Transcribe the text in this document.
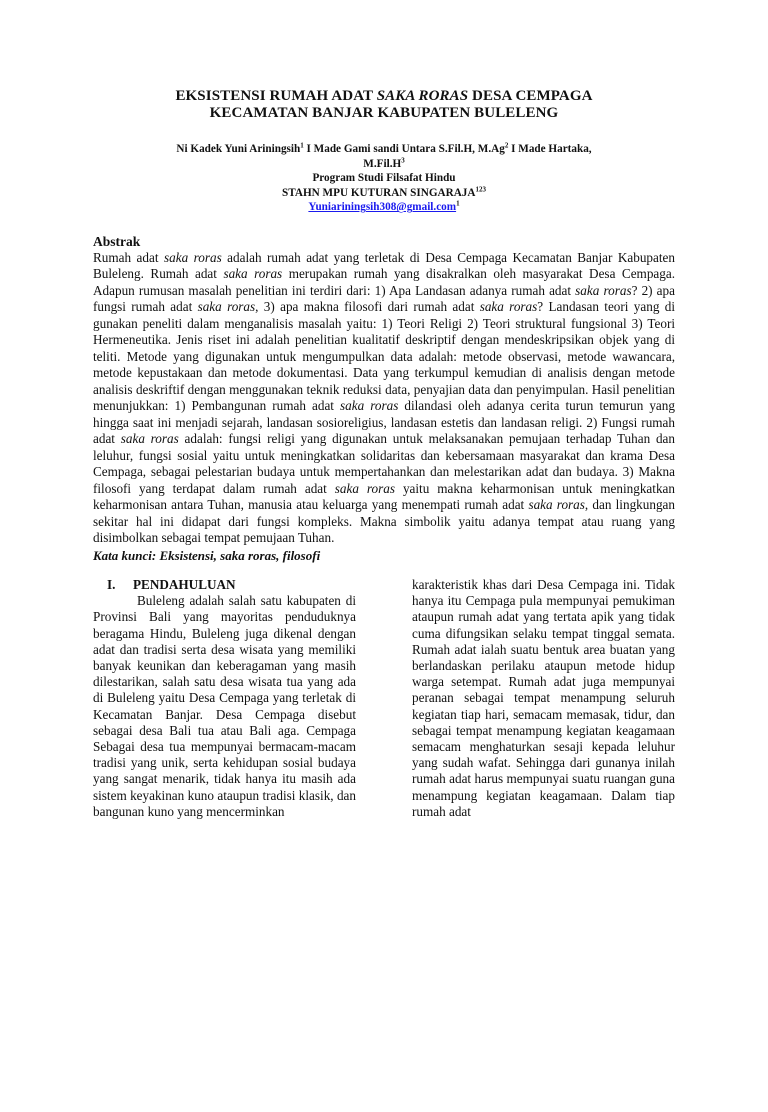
EKSISTENSI RUMAH ADAT SAKA RORAS DESA CEMPAGA
KECAMATAN BANJAR KABUPATEN BULELENG
Ni Kadek Yuni Ariningsih$^1$ I Made Gami sandi Untara S.Fil.H, M.Ag$^2$ I Made Hartaka,
$M.Fil.H^3$
Program Studi Filsafat Hindu
STAHN MPU KUTURAN SINGARAJA$^{123}$
Yuniariningsih308@gmail.com$^1$
Abstrak

Rumah adat saka roras adalah rumah adat yang terletak di Desa Cempaga Kecamatan Banjar Kabupaten Buleleng. Rumah adat saka roras merupakan rumah yang disakralkan oleh masyarakat Desa Cempaga. Adapun rumusan masalah penelitian ini terdiri dari: 1) Apa Landasan adanya rumah adat saka roras? 2) apa fungsi rumah adat saka roras, 3) apa makna filosofi dari rumah adat saka roras? Landasan teori yang di gunakan peneliti dalam menganalisis masalah yaitu: 1) Teori Religi 2) Teori struktural fungsional 3) Teori Hermeneutika. Jenis riset ini adalah penelitian kualitatif deskriptif dengan mendeskripsikan objek yang di teliti. Metode yang digunakan untuk mengumpulkan data adalah: metode observasi, metode wawancara, metode kepustakaan dan metode dokumentasi. Data yang terkumpul kemudian di analisis dengan metode analisis deskriftif dengan menggunakan teknik reduksi data, penyajian data dan penyimpulan. Hasil penelitian menunjukkan: 1) Pembangunan rumah adat saka roras dilandasi oleh adanya cerita turun temurun yang hingga saat ini menjadi sejarah, landasan sosioreligius, landasan estetis dan landasan religi. 2) Fungsi rumah adat saka roras adalah: fungsi religi yang digunakan untuk melaksanakan pemujaan terhadap Tuhan dan leluhur, fungsi sosial yaitu untuk meningkatkan solidaritas dan kebersamaan masyarakat dan krama Desa Cempaga, sebagai pelestarian budaya untuk mempertahankan dan melestarikan adat dan budaya. 3) Makna filosofi yang terdapat dalam rumah adat saka roras yaitu makna keharmonisan untuk meningkatkan keharmonisan antara Tuhan, manusia atau keluarga yang menempati rumah adat saka roras, dan lingkungan sekitar hal ini didapat dari fungsi kompleks. Makna simbolik yaitu adanya tempat atau ruang yang disimbolkan sebagai tempat pemujaan Tuhan.

Kata kunci: Eksistensi, saka roras, filosofi
I.	PENDAHULUAN

Buleleng adalah salah satu kabupaten di Provinsi Bali yang mayoritas penduduknya beragama Hindu, Buleleng juga dikenal dengan adat dan tradisi serta desa wisata yang memiliki banyak keunikan dan keberagaman yang masih dilestarikan, salah satu desa wisata tua yang ada di Buleleng yaitu Desa Cempaga yang terletak di Kecamatan Banjar. Desa Cempaga disebut sebagai desa Bali tua atau Bali aga. Cempaga Sebagai desa tua mempunyai bermacam-macam tradisi yang unik, serta kehidupan sosial budaya yang sangat menarik, tidak hanya itu masih ada sistem keyakinan kuno ataupun tradisi klasik, dan bangunan kuno yang mencerminkan

karakteristik khas dari Desa Cempaga ini. Tidak hanya itu Cempaga pula mempunyai pemukiman ataupun rumah adat yang tertata apik yang tidak cuma difungsikan selaku tempat tinggal semata. Rumah adat ialah suatu bentuk area buatan yang berlandaskan perilaku ataupun metode hidup warga setempat. Rumah adat juga mempunyai peranan sebagai tempat menampung seluruh kegiatan tiap hari, semacam memasak, tidur, dan sebagai tempat menampung kegiatan keagamaan semacam menghaturkan sesaji kepada leluhur yang sudah wafat. Sehingga dari gunanya inilah rumah adat harus mempunyai suatu ruangan guna menampung kegiatan keagamaan. Dalam tiap rumah adat
